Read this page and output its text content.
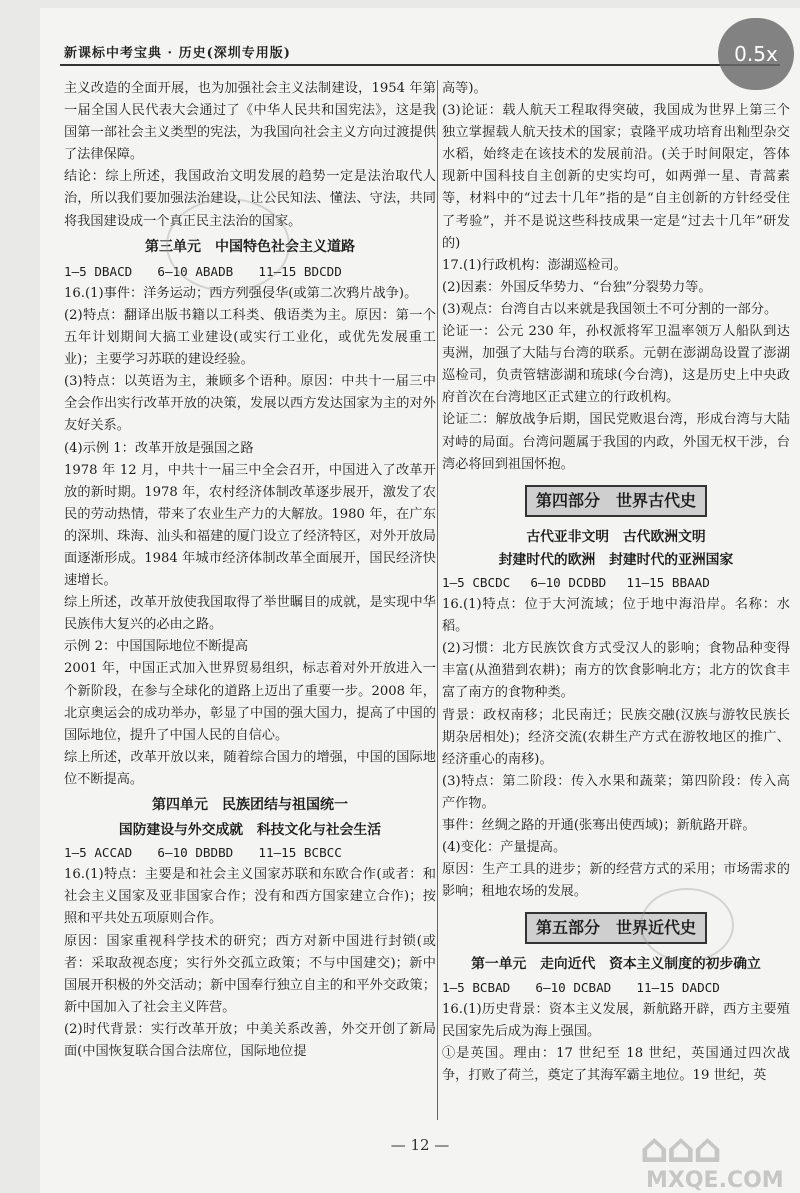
新课标中考宝典 · 历史(深圳专用版)
主义改造的全面开展，也为加强社会主义法制建设，1954 年第一届全国人民代表大会通过了《中华人民共和国宪法》，这是我国第一部社会主义类型的宪法，为我国向社会主义方向过渡提供了法律保障。
结论：综上所述，我国政治文明发展的趋势一定是法治取代人治，所以我们要加强法治建设，让公民知法、懂法、守法，共同将我国建设成一个真正民主法治的国家。
第三单元　中国特色社会主义道路
1—5 DBACD　　6—10 ABADB　　11—15 BDCDD
16.(1)事件：洋务运动；西方列强侵华(或第二次鸦片战争)。
(2)特点：翻译出版书籍以工科类、俄语类为主。原因：第一个五年计划期间大搞工业建设(或实行工业化，或优先发展重工业)；主要学习苏联的建设经验。
(3)特点：以英语为主，兼顾多个语种。原因：中共十一届三中全会作出实行改革开放的决策，发展以西方发达国家为主的对外友好关系。
(4)示例 1：改革开放是强国之路
1978 年 12 月，中共十一届三中全会召开，中国进入了改革开放的新时期。1978 年，农村经济体制改革逐步展开，激发了农民的劳动热情，带来了农业生产力的大解放。1980 年，在广东的深圳、珠海、汕头和福建的厦门设立了经济特区，对外开放局面逐渐形成。1984 年城市经济体制改革全面展开，国民经济快速增长。
综上所述，改革开放使我国取得了举世瞩目的成就，是实现中华民族伟大复兴的必由之路。
示例 2：中国国际地位不断提高
2001 年，中国正式加入世界贸易组织，标志着对外开放进入一个新阶段，在参与全球化的道路上迈出了重要一步。2008 年，北京奥运会的成功举办，彰显了中国的强大国力，提高了中国的国际地位，提升了中国人民的自信心。
综上所述，改革开放以来，随着综合国力的增强，中国的国际地位不断提高。
第四单元　民族团结与祖国统一
国防建设与外交成就　科技文化与社会生活
1—5 ACCAD　　6—10 DBDBD　　11—15 BCBCC
16.(1)特点：主要是和社会主义国家苏联和东欧合作(或者：和社会主义国家及亚非国家合作；没有和西方国家建立合作)；按照和平共处五项原则合作。
原因：国家重视科学技术的研究；西方对新中国进行封锁(或者：采取敌视态度；实行外交孤立政策；不与中国建交)；新中国展开积极的外交活动；新中国奉行独立自主的和平外交政策；新中国加入了社会主义阵营。
(2)时代背景：实行改革开放；中美关系改善，外交开创了新局面(中国恢复联合国合法席位，国际地位提
高等)。
(3)论证：载人航天工程取得突破，我国成为世界上第三个独立掌握载人航天技术的国家；袁隆平成功培育出籼型杂交水稻，始终走在该技术的发展前沿。(关于时间限定，答体现新中国科技自主创新的史实均可，如两弹一星、青蒿素等，材料中的“过去十几年”指的是“自主创新的方针经受住了考验”，并不是说这些科技成果一定是“过去十几年”研发的)
17.(1)行政机构：澎湖巡检司。
(2)因素：外国反华势力、“台独”分裂势力等。
(3)观点：台湾自古以来就是我国领土不可分割的一部分。
论证一：公元 230 年，孙权派将军卫温率领万人船队到达夷洲，加强了大陆与台湾的联系。元朝在澎湖岛设置了澎湖巡检司，负责管辖澎湖和琉球(今台湾)，这是历史上中央政府首次在台湾地区正式建立的行政机构。
论证二：解放战争后期，国民党败退台湾，形成台湾与大陆对峙的局面。台湾问题属于我国的内政，外国无权干涉，台湾必将回到祖国怀抱。
第四部分　世界古代史
古代亚非文明　古代欧洲文明
封建时代的欧洲　封建时代的亚洲国家
1—5 CBCDC　 6—10 DCDBD　 11—15 BBAAD
16.(1)特点：位于大河流域；位于地中海沿岸。名称：水稻。
(2)习惯：北方民族饮食方式受汉人的影响；食物品种变得丰富(从渔猎到农耕)；南方的饮食影响北方；北方的饮食丰富了南方的食物种类。
背景：政权南移；北民南迁；民族交融(汉族与游牧民族长期杂居相处)；经济交流(农耕生产方式在游牧地区的推广、经济重心的南移)。
(3)特点：第二阶段：传入水果和蔬菜；第四阶段：传入高产作物。
事件：丝绸之路的开通(张骞出使西域)；新航路开辟。
(4)变化：产量提高。
原因：生产工具的进步；新的经营方式的采用；市场需求的影响；租地农场的发展。
第五部分　世界近代史
第一单元　走向近代　资本主义制度的初步确立
1—5 BCBAD　　6—10 DCBAD　　11—15 DADCD
16.(1)历史背景：资本主义发展，新航路开辟，西方主要殖民国家先后成为海上强国。
①是英国。理由：17 世纪至 18 世纪，英国通过四次战争，打败了荷兰，奠定了其海军霸主地位。19 世纪，英
— 12 —	⌂⌂⌂
MXQE.COM
0.5x
